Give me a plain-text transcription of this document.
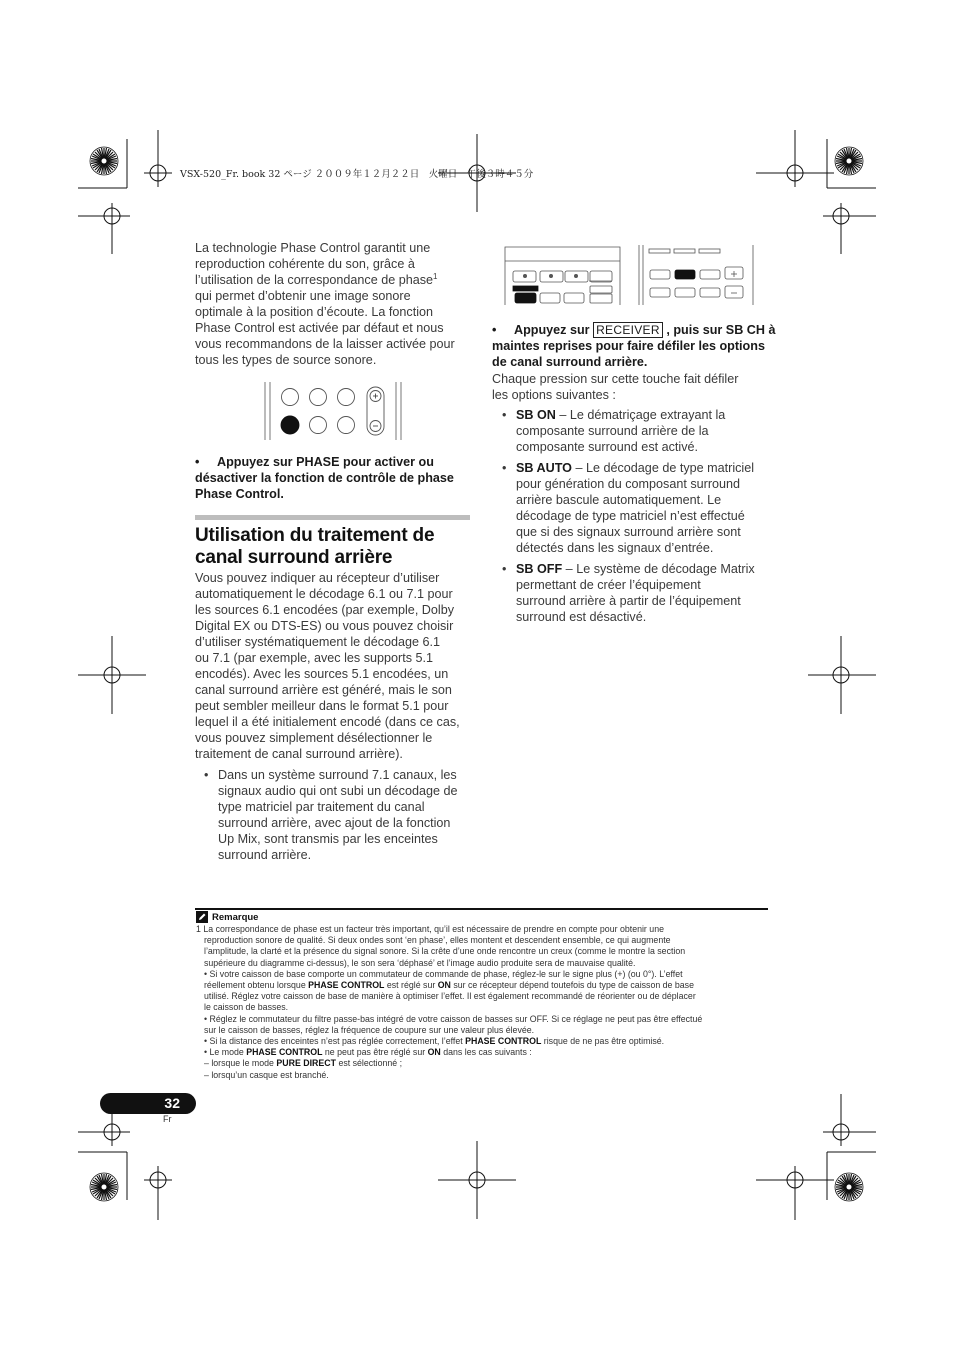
VSX-520_Fr. book 32 ページ ２００９年１２月２２日　火曜日　午後３時４５分

La technologie Phase Control garantit une

reproduction cohérente du son, grâce à

l’utilisation de la correspondance de phase$^1$

qui permet d’obtenir une image sonore

optimale à la position d’écoute. La fonction

Phase Control est activée par défaut et nous

vous recommandons de la laisser activée pour

tous les types de source sonore.

• Appuyez sur PHASE pour activer ou

désactiver la fonction de contrôle de phase

Phase Control.

Utilisation du traitement de

canal surround arrière

Vous pouvez indiquer au récepteur d’utiliser

automatiquement le décodage 6.1 ou 7.1 pour

les sources 6.1 encodées (par exemple, Dolby

Digital EX ou DTS-ES) ou vous pouvez choisir

d’utiliser systématiquement le décodage 6.1

ou 7.1 (par exemple, avec les supports 5.1

encodés). Avec les sources 5.1 encodées, un

canal surround arrière est généré, mais le son

peut sembler meilleur dans le format 5.1 pour

lequel il a été initialement encodé (dans ce cas,

vous pouvez simplement désélectionner le

traitement de canal surround arrière).

• Dans un système surround 7.1 canaux, les

signaux audio qui ont subi un décodage de

type matriciel par traitement du canal

surround arrière, avec ajout de la fonction

Up Mix, sont transmis par les enceintes

surround arrière.

• Appuyez sur RECEIVER , puis sur SB CH à

maintes reprises pour faire défiler les options

de canal surround arrière.

Chaque pression sur cette touche fait défiler

les options suivantes :

• SB ON – Le dématriçage extrayant la

composante surround arrière de la

composante surround est activé.

• SB AUTO – Le décodage de type matriciel

pour génération du composant surround

arrière bascule automatiquement. Le

décodage de type matriciel n’est effectué

que si des signaux surround arrière sont

détectés dans les signaux d’entrée.

• SB OFF – Le système de décodage Matrix

permettant de créer l’équipement

surround arrière à partir de l’équipement

surround est désactivé.

Remarque

1 La correspondance de phase est un facteur très important, qu’il est nécessaire de prendre en compte pour obtenir une

reproduction sonore de qualité. Si deux ondes sont ‘en phase’, elles montent et descendent ensemble, ce qui augmente

l’amplitude, la clarté et la présence du signal sonore. Si la crête d’une onde rencontre un creux (comme le montre la section

supérieure du diagramme ci-dessus), le son sera ‘déphasé’ et l’image audio produite sera de mauvaise qualité.

• Si votre caisson de base comporte un commutateur de commande de phase, réglez-le sur le signe plus (+) (ou 0°). L’effet

réellement obtenu lorsque PHASE CONTROL est réglé sur ON sur ce récepteur dépend toutefois du type de caisson de base

utilisé. Réglez votre caisson de base de manière à optimiser l’effet. Il est également recommandé de réorienter ou de déplacer

le caisson de basses.

• Réglez le commutateur du filtre passe-bas intégré de votre caisson de basses sur OFF. Si ce réglage ne peut pas être effectué

sur le caisson de basses, réglez la fréquence de coupure sur une valeur plus élevée.

• Si la distance des enceintes n’est pas réglée correctement, l’effet PHASE CONTROL risque de ne pas être optimisé.

• Le mode PHASE CONTROL ne peut pas être réglé sur ON dans les cas suivants :

– lorsque le mode PURE DIRECT est sélectionné ;

– lorsqu’un casque est branché.

32
Fr
